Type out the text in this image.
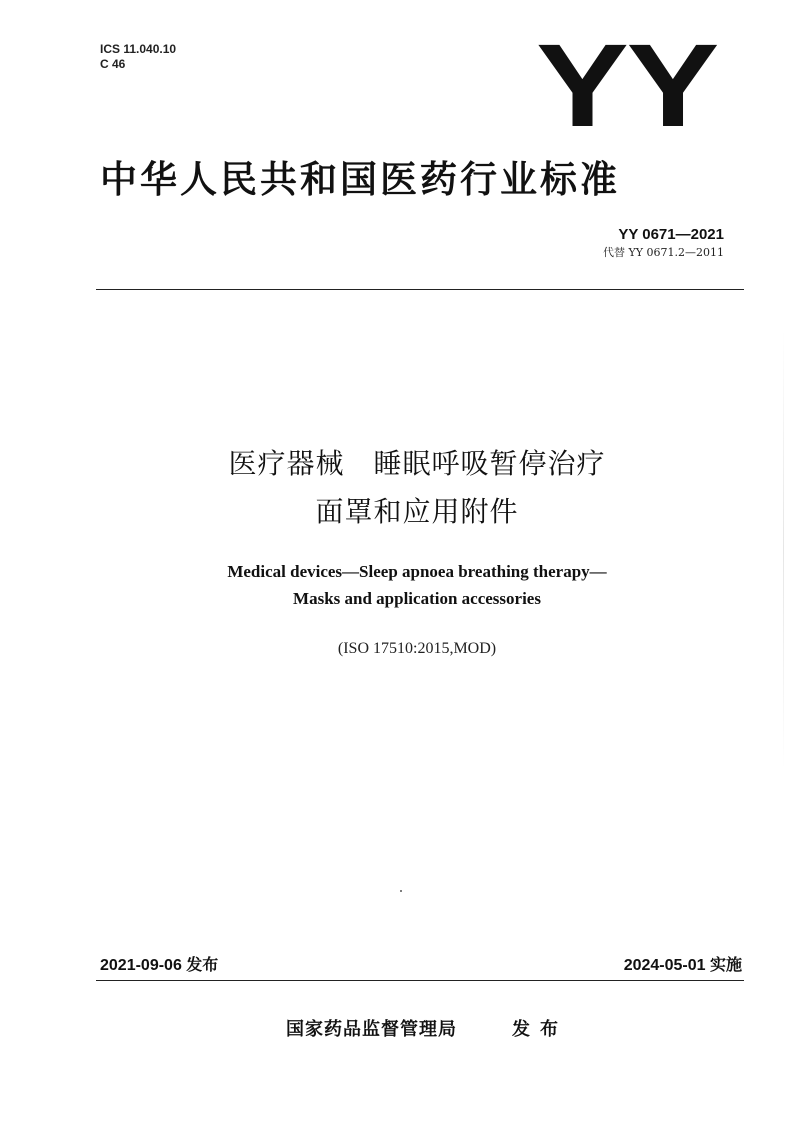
ICS 11.040.10
C 46	YY
中华人民共和国医药行业标准
YY 0671—2021
代替 YY 0671.2—2011
医疗器械　睡眠呼吸暂停治疗
面罩和应用附件
Medical devices—Sleep apnoea breathing therapy—
Masks and application accessories
(ISO 17510:2015,MOD)
2021-09-06 发布	2024-05-01 实施
国家药品监督管理局	发布
